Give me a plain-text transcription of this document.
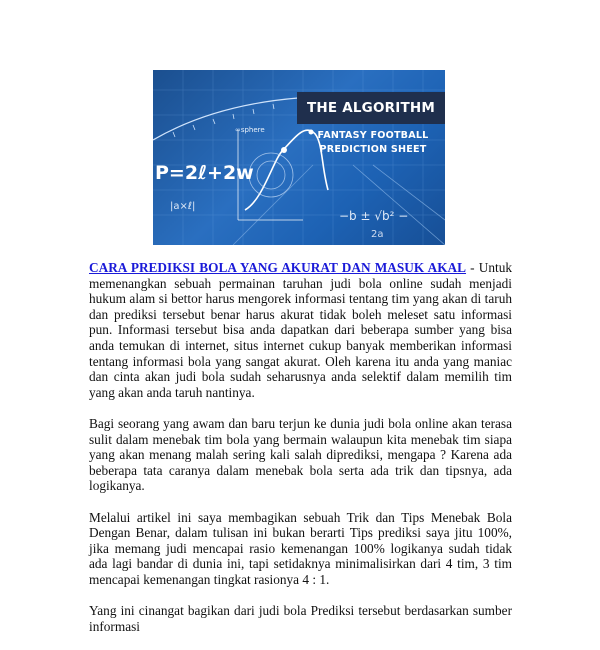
P=2ℓ+2w
|a×ℓ|
−b ± √b² −
2a
∞sphere
THE ALGORITHM
FANTASY FOOTBALL
PREDICTION SHEET

CARA PREDIKSI BOLA YANG AKURAT DAN MASUK AKAL - Untuk memenangkan sebuah permainan taruhan judi bola online sudah menjadi hukum alam si bettor harus mengorek informasi tentang tim yang akan di taruh dan prediksi tersebut benar harus akurat tidak boleh meleset satu informasi pun. Informasi tersebut bisa anda dapatkan dari beberapa sumber yang bisa anda temukan di internet, situs internet cukup banyak memberikan informasi tentang informasi bola yang sangat akurat. Oleh karena itu anda yang maniac dan cinta akan judi bola sudah seharusnya anda selektif dalam memilih tim yang akan anda taruh nantinya.

Bagi seorang yang awam dan baru terjun ke dunia judi bola online akan terasa sulit dalam menebak tim bola yang bermain walaupun kita menebak tim siapa yang akan menang malah sering kali salah diprediksi, mengapa ? Karena ada beberapa tata caranya dalam menebak bola serta ada trik dan tipsnya, ada logikanya.

Melalui artikel ini saya membagikan sebuah Trik dan Tips Menebak Bola Dengan Benar, dalam tulisan ini bukan berarti Tips prediksi saya jitu 100%, jika memang judi mencapai rasio kemenangan 100% logikanya sudah tidak ada lagi bandar di dunia ini, tapi setidaknya minimalisirkan dari 4 tim, 3 tim mencapai kemenangan tingkat rasionya 4 : 1.

Yang ini cinangat bagikan dari judi bola Prediksi tersebut berdasarkan sumber informasi
